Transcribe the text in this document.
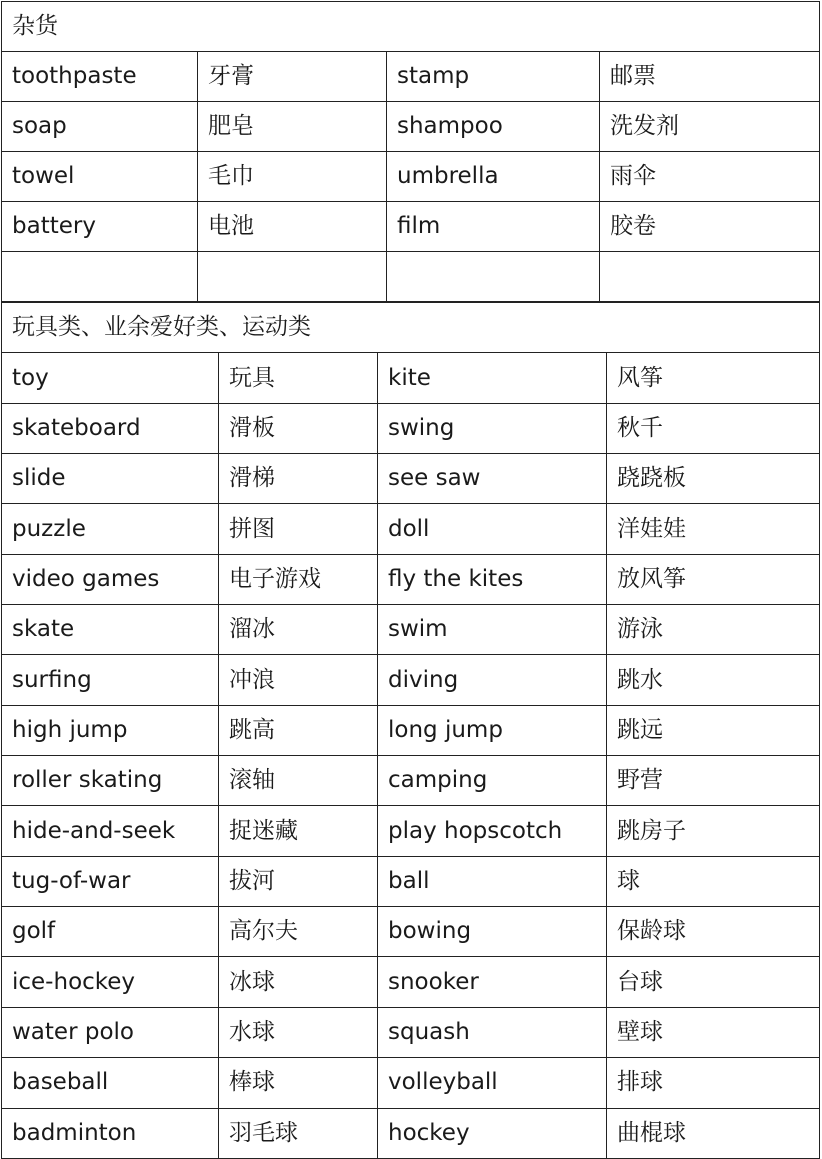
杂货			
toothpaste	牙膏	stamp	邮票
soap	肥皂	shampoo	洗发剂
towel	毛巾	umbrella	雨伞
battery	电池	film	胶卷

玩具类、业余爱好类、运动类			
toy	玩具	kite	风筝
skateboard	滑板	swing	秋千
slide	滑梯	see saw	跷跷板
puzzle	拼图	doll	洋娃娃
video games	电子游戏	fly the kites	放风筝
skate	溜冰	swim	游泳
surfing	冲浪	diving	跳水
high jump	跳高	long jump	跳远
roller skating	滚轴	camping	野营
hide-and-seek	捉迷藏	play hopscotch	跳房子
tug-of-war	拔河	ball	球
golf	高尔夫	bowing	保龄球
ice-hockey	冰球	snooker	台球
water polo	水球	squash	壁球
baseball	棒球	volleyball	排球
badminton	羽毛球	hockey	曲棍球
